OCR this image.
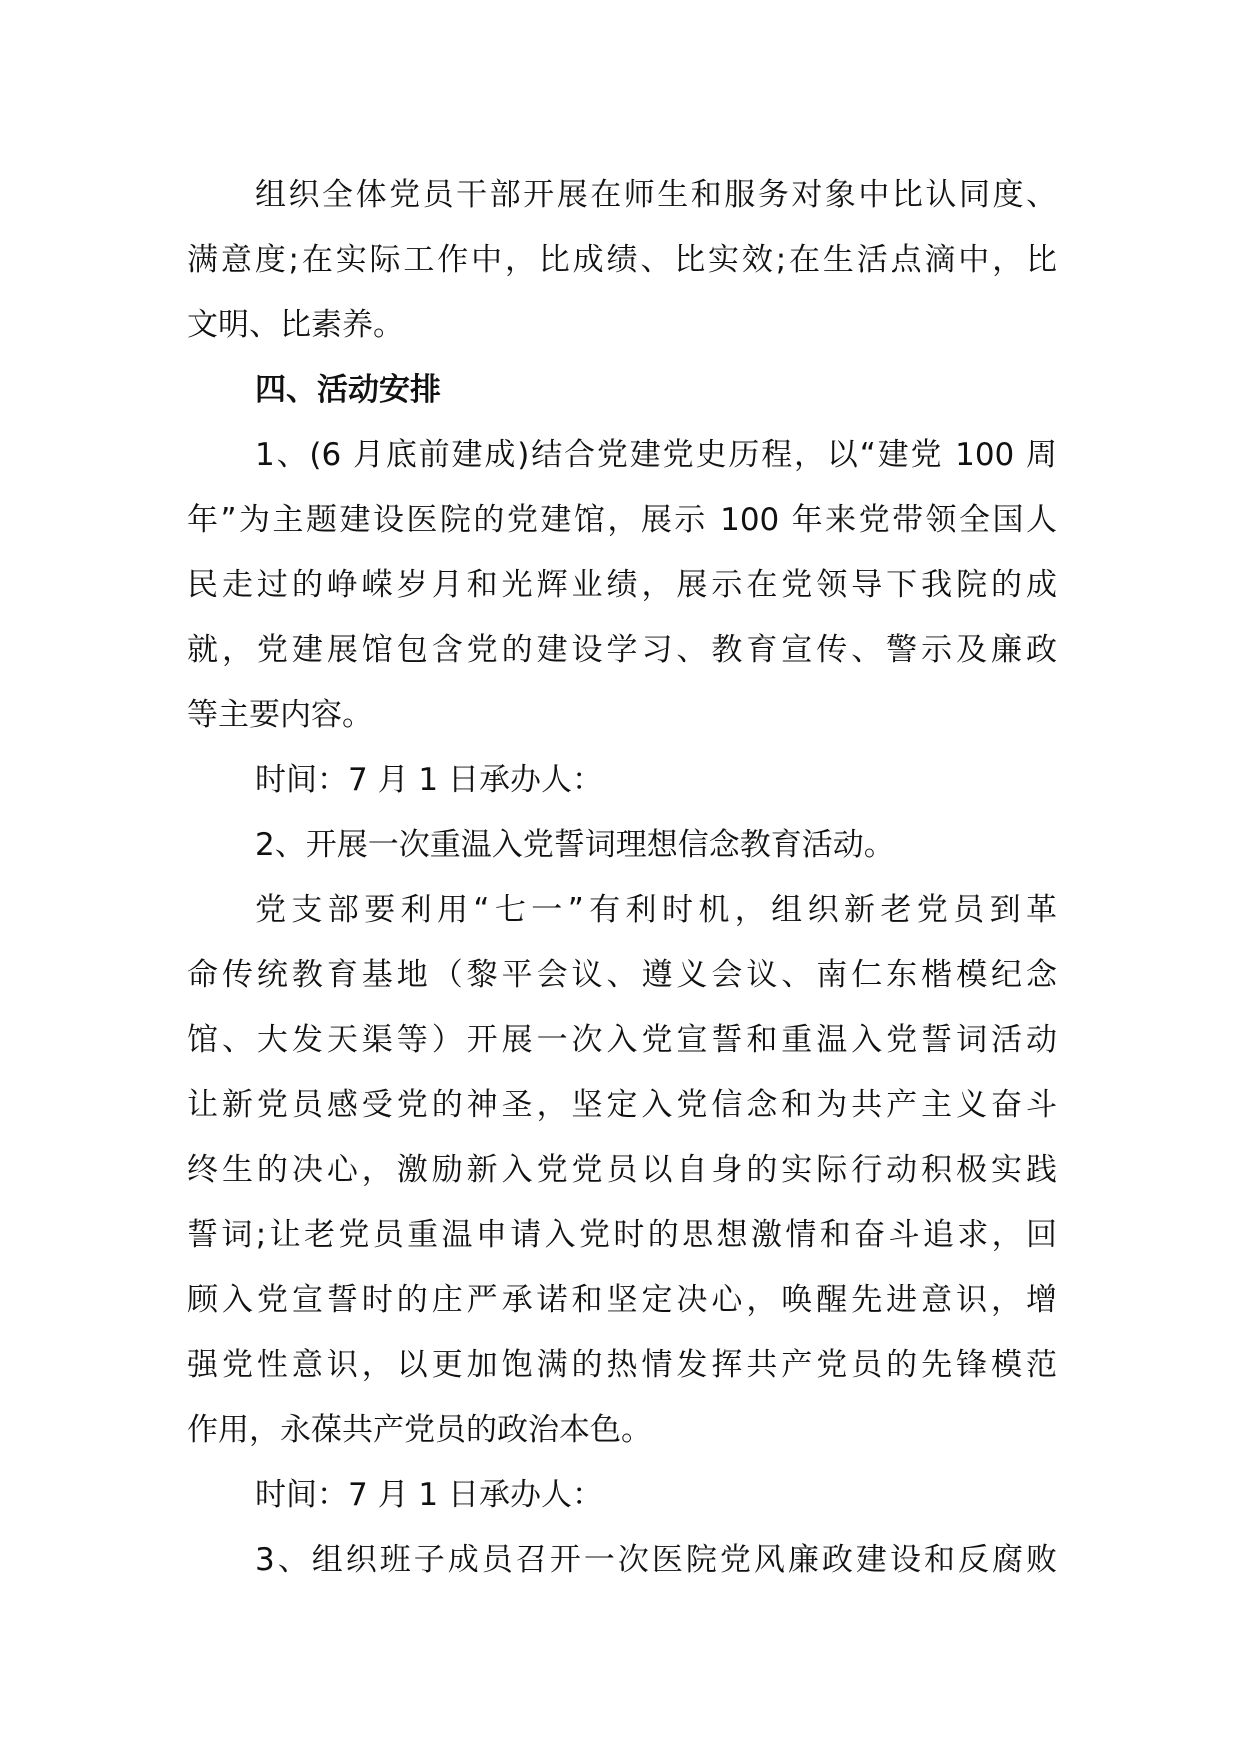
组织全体党员干部开展在师生和服务对象中比认同度、
满意度;在实际工作中，比成绩、比实效;在生活点滴中，比
文明、比素养。
四、活动安排
1、(6 月底前建成)结合党建党史历程，以“建党 100 周
年”为主题建设医院的党建馆，展示 100 年来党带领全国人
民走过的峥嵘岁月和光辉业绩，展示在党领导下我院的成
就，党建展馆包含党的建设学习、教育宣传、警示及廉政
等主要内容。
时间：7 月 1 日承办人：
2、开展一次重温入党誓词理想信念教育活动。
党支部要利用“七一”有利时机，组织新老党员到革
命传统教育基地（黎平会议、遵义会议、南仁东楷模纪念
馆、大发天渠等）开展一次入党宣誓和重温入党誓词活动
让新党员感受党的神圣，坚定入党信念和为共产主义奋斗
终生的决心，激励新入党党员以自身的实际行动积极实践
誓词;让老党员重温申请入党时的思想激情和奋斗追求，回
顾入党宣誓时的庄严承诺和坚定决心，唤醒先进意识，增
强党性意识，以更加饱满的热情发挥共产党员的先锋模范
作用，永葆共产党员的政治本色。
时间：7 月 1 日承办人：
3、组织班子成员召开一次医院党风廉政建设和反腐败
